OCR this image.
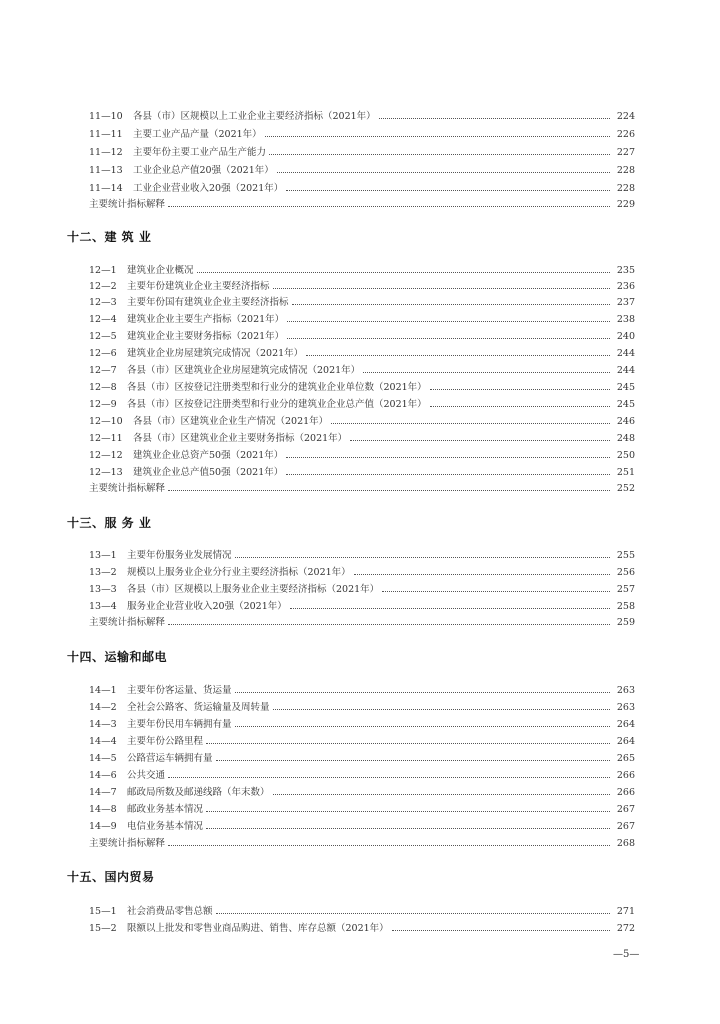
11—10	各县（市）区规模以上工业企业主要经济指标（2021年）	224
11—11	主要工业产品产量（2021年）	226
11—12	主要年份主要工业产品生产能力	227
11—13	工业企业总产值20强（2021年）	228
11—14	工业企业营业收入20强（2021年）	228
主要统计指标解释	229
十二、建 筑 业
12—1	建筑业企业概况	235
12—2	主要年份建筑业企业主要经济指标	236
12—3	主要年份国有建筑业企业主要经济指标	237
12—4	建筑业企业主要生产指标（2021年）	238
12—5	建筑业企业主要财务指标（2021年）	240
12—6	建筑业企业房屋建筑完成情况（2021年）	244
12—7	各县（市）区建筑业企业房屋建筑完成情况（2021年）	244
12—8	各县（市）区按登记注册类型和行业分的建筑业企业单位数（2021年）	245
12—9	各县（市）区按登记注册类型和行业分的建筑业企业总产值（2021年）	245
12—10	各县（市）区建筑业企业生产情况（2021年）	246
12—11	各县（市）区建筑业企业主要财务指标（2021年）	248
12—12	建筑业企业总资产50强（2021年）	250
12—13	建筑业企业总产值50强（2021年）	251
主要统计指标解释	252
十三、服 务 业
13—1	主要年份服务业发展情况	255
13—2	规模以上服务业企业分行业主要经济指标（2021年）	256
13—3	各县（市）区规模以上服务业企业主要经济指标（2021年）	257
13—4	服务业企业营业收入20强（2021年）	258
主要统计指标解释	259
十四、运输和邮电
14—1	主要年份客运量、货运量	263
14—2	全社会公路客、货运输量及周转量	263
14—3	主要年份民用车辆拥有量	264
14—4	主要年份公路里程	264
14—5	公路营运车辆拥有量	265
14—6	公共交通	266
14—7	邮政局所数及邮递线路（年末数）	266
14—8	邮政业务基本情况	267
14—9	电信业务基本情况	267
主要统计指标解释	268
十五、国内贸易
15—1	社会消费品零售总额	271
15—2	限额以上批发和零售业商品购进、销售、库存总额（2021年）	272
—5—
